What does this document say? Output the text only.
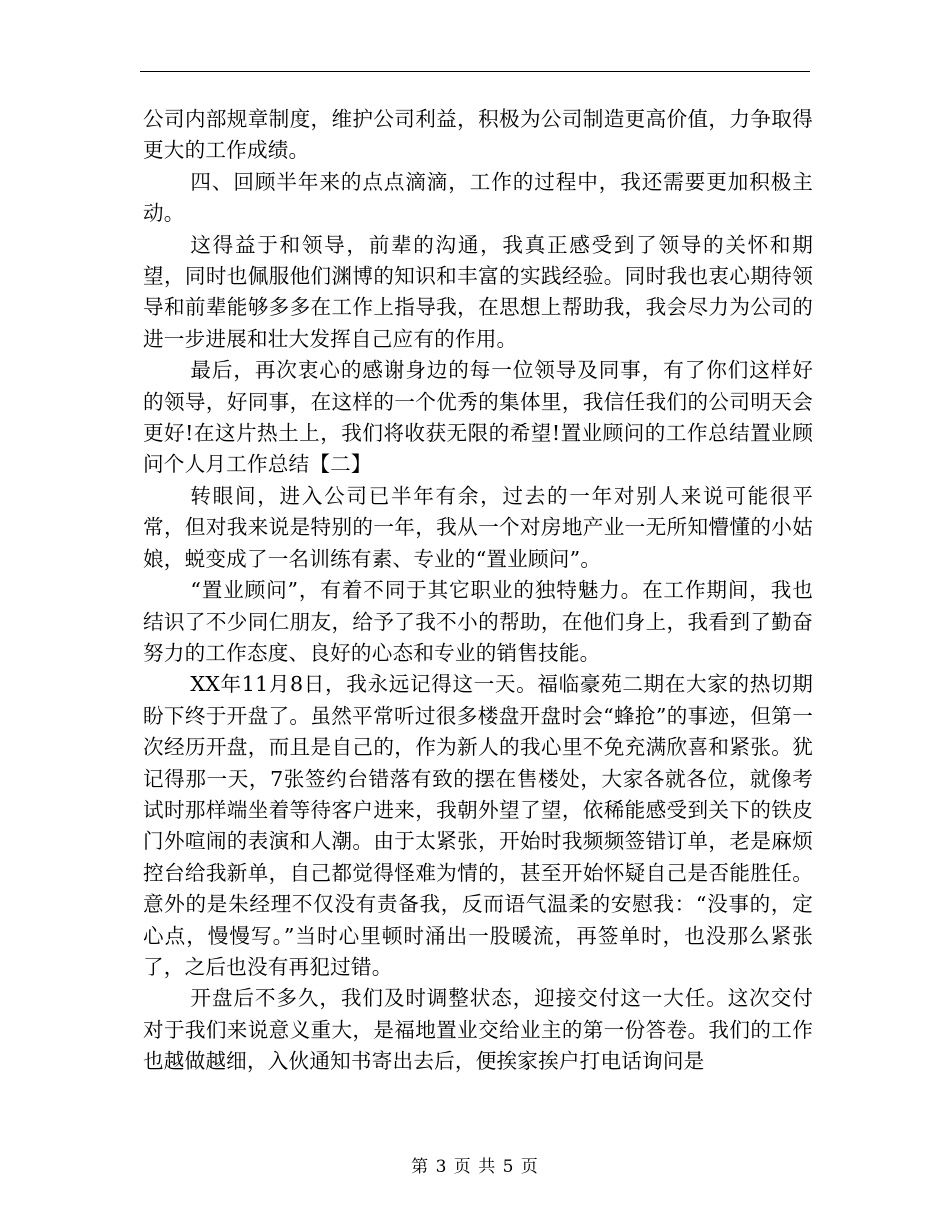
公司内部规章制度，维护公司利益，积极为公司制造更高价值，力争取得更大的工作成绩。

四、回顾半年来的点点滴滴，工作的过程中，我还需要更加积极主动。

这得益于和领导，前辈的沟通，我真正感受到了领导的关怀和期望，同时也佩服他们渊博的知识和丰富的实践经验。同时我也衷心期待领导和前辈能够多多在工作上指导我，在思想上帮助我，我会尽力为公司的进一步进展和壮大发挥自己应有的作用。

最后，再次衷心的感谢身边的每一位领导及同事，有了你们这样好的领导，好同事，在这样的一个优秀的集体里，我信任我们的公司明天会更好!在这片热土上，我们将收获无限的希望!置业顾问的工作总结置业顾问个人月工作总结【二】

转眼间，进入公司已半年有余，过去的一年对别人来说可能很平常，但对我来说是特别的一年，我从一个对房地产业一无所知懵懂的小姑娘，蜕变成了一名训练有素、专业的“置业顾问”。

“置业顾问”，有着不同于其它职业的独特魅力。在工作期间，我也结识了不少同仁朋友，给予了我不小的帮助，在他们身上，我看到了勤奋努力的工作态度、良好的心态和专业的销售技能。

XX年11月8日，我永远记得这一天。福临豪苑二期在大家的热切期盼下终于开盘了。虽然平常听过很多楼盘开盘时会“蜂抢”的事迹，但第一次经历开盘，而且是自己的，作为新人的我心里不免充满欣喜和紧张。犹记得那一天，7张签约台错落有致的摆在售楼处，大家各就各位，就像考试时那样端坐着等待客户进来，我朝外望了望，依稀能感受到关下的铁皮门外喧闹的表演和人潮。由于太紧张，开始时我频频签错订单，老是麻烦控台给我新单，自己都觉得怪难为情的，甚至开始怀疑自己是否能胜任。意外的是朱经理不仅没有责备我，反而语气温柔的安慰我：“没事的，定心点，慢慢写。”当时心里顿时涌出一股暖流，再签单时，也没那么紧张了，之后也没有再犯过错。

开盘后不多久，我们及时调整状态，迎接交付这一大任。这次交付对于我们来说意义重大，是福地置业交给业主的第一份答卷。我们的工作也越做越细，入伙通知书寄出去后，便挨家挨户打电话询问是

第 3 页 共 5 页
